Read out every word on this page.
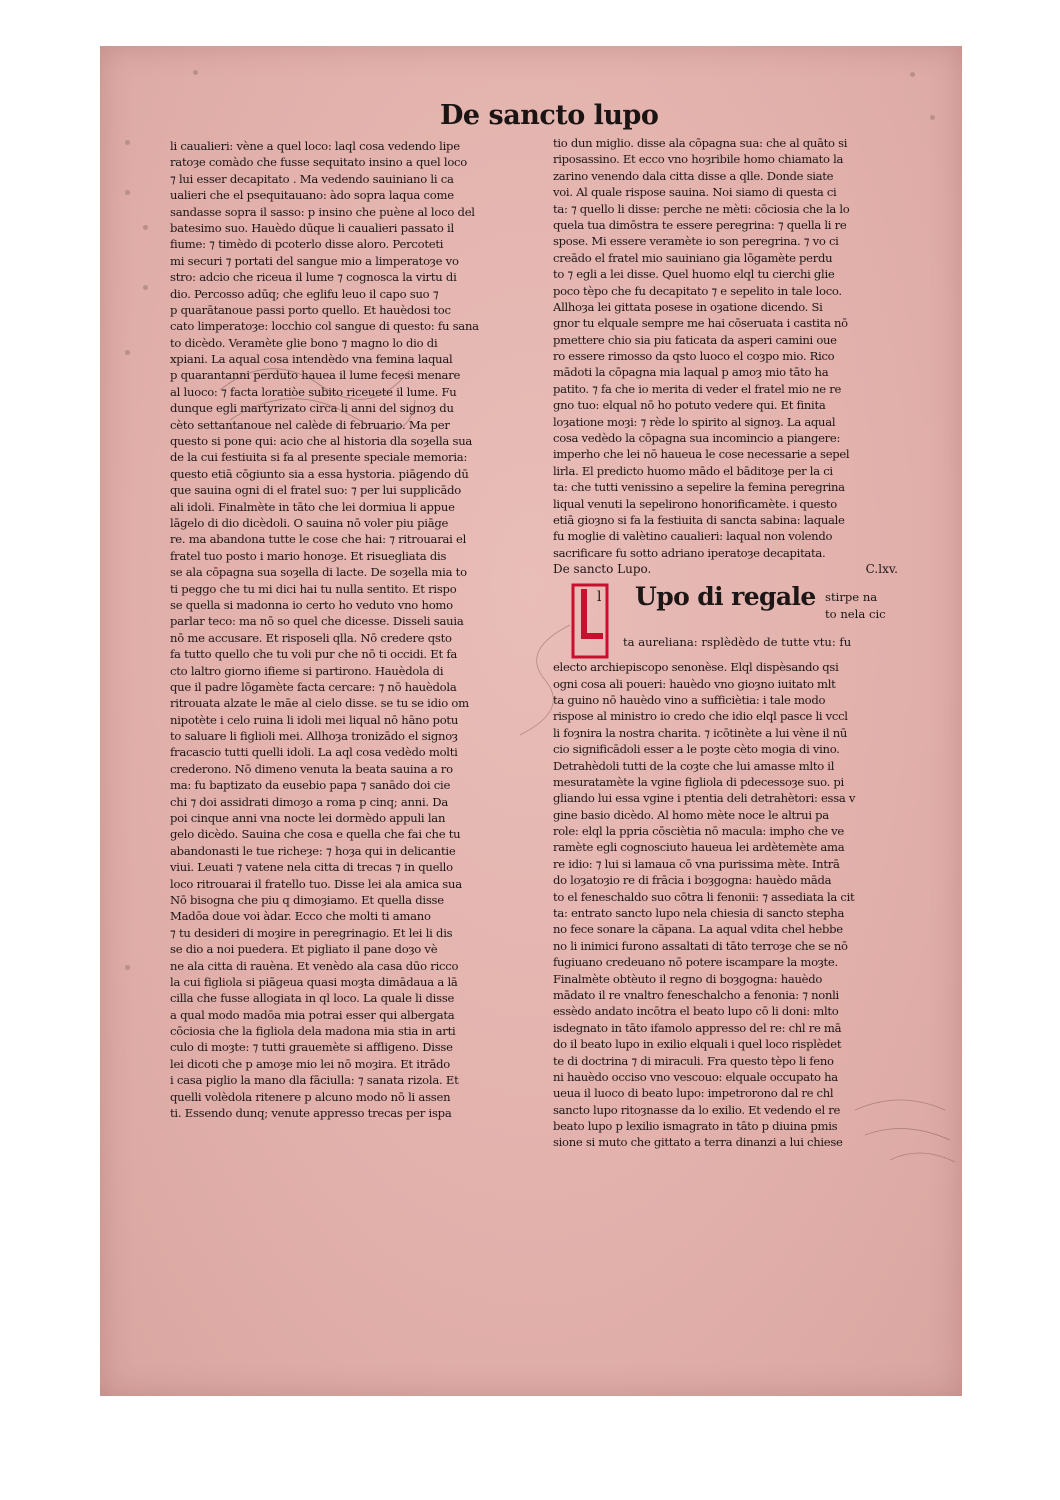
De sancto lupo
li caualieri: vène a quel loco: laql cosa vedendo lipe
ratoȝe comàdo che fusse sequitato insino a quel loco
⁊ lui esser decapitato . Ma vedendo sauiniano li ca
ualieri che el psequitauano: àdo sopra laqua come
sandasse sopra il sasso: p insino che puène al loco del
batesimo suo. Hauèdo dūque li caualieri passato il
fiume: ⁊ timèdo di pcoterlo disse aloro. Percoteti
mi securi ⁊ portati del sangue mio a limperatoȝe vo
stro: adcio che riceua il lume ⁊ cognosca la virtu di
dio. Percosso adūq; che eglifu leuo il capo suo ⁊
p quarātanoue passi porto quello. Et hauèdosi toc
cato limperatoȝe: locchio col sangue di questo: fu sana
to dicèdo. Veramète glie bono ⁊ magno lo dio di
xpiani. La aqual cosa intendèdo vna femina laqual
p quarantanni perduto hauea il lume fecesi menare
al luoco: ⁊ facta loratiòe subito riceuete il lume. Fu
dunque egli martyrizato circa li anni del signoȝ du
cèto settantanoue nel calède di februario. Ma per
questo si pone qui: acio che al historia dla soȝella sua
de la cui festiuita si fa al presente speciale memoria:
questo etiā cōgiunto sia a essa hystoria. piāgendo dū
que sauina ogni di el fratel suo: ⁊ per lui supplicādo
ali idoli. Finalmète in tāto che lei dormiua li appue
lāgelo di dio dicèdoli. O sauina nō voler piu piāge
re. ma abandona tutte le cose che hai: ⁊ ritrouarai el
fratel tuo posto i mario honoȝe. Et risuegliata dis
se ala cōpagna sua soȝella di lacte. De soȝella mia to
ti peggo che tu mi dici hai tu nulla sentito. Et rispo
se quella si madonna io certo ho veduto vno homo
parlar teco: ma nō so quel che dicesse. Disseli sauia
nō me accusare. Et risposeli qlla. Nō credere qsto
fa tutto quello che tu voli pur che nō ti occidi. Et fa
cto laltro giorno ifieme si partirono. Hauèdola di
que il padre lōgamète facta cercare: ⁊ nō hauèdola
ritrouata alzate le māe al cielo disse. se tu se idio om
nipotète i celo ruina li idoli mei liqual nō hāno potu
to saluare li figlioli mei. Allhoȝa tronizādo el signoȝ
fracascio tutti quelli idoli. La aql cosa vedèdo molti
crederono. Nō dimeno venuta la beata sauina a ro
ma: fu baptizato da eusebio papa ⁊ sanādo doi cie
chi ⁊ doi assidrati dimoȝo a roma p cinq; anni. Da
poi cinque anni vna nocte lei dormèdo appuli lan
gelo dicèdo. Sauina che cosa e quella che fai che tu
abandonasti le tue richeȝe: ⁊ hoȝa qui in delicantie
viui. Leuati ⁊ vatene nela citta di trecas ⁊ in quello
loco ritrouarai il fratello tuo. Disse lei ala amica sua
Nō bisogna che piu q dimoȝiamo. Et quella disse
Madōa doue voi àdar. Ecco che molti ti amano
⁊ tu desideri di moȝire in peregrinagio. Et lei li dis
se dio a noi puedera. Et pigliato il pane doȝo vè
ne ala citta di rauèna. Et venèdo ala casa dūo ricco
la cui figliola si piāgeua quasi moȝta dimādaua a lā
cilla che fusse allogiata in ql loco. La quale li disse
a qual modo madōa mia potrai esser qui albergata
cōciosia che la figliola dela madona mia stia in arti
culo di moȝte: ⁊ tutti grauemète si affligeno. Disse
lei dicoti che p amoȝe mio lei nō moȝira. Et itrādo
i casa piglio la mano dla fāciulla: ⁊ sanata rizola. Et
quelli volèdola ritenere p alcuno modo nō li assen
ti. Essendo dunq; venute appresso trecas per ispa
tio dun miglio. disse ala cōpagna sua: che al quāto si
riposassino. Et ecco vno hoȝribile homo chiamato la
zarino venendo dala citta disse a qlle. Donde siate
voi. Al quale rispose sauina. Noi siamo di questa ci
ta: ⁊ quello li disse: perche ne mèti: cōciosia che la lo
quela tua dimōstra te essere peregrina: ⁊ quella li re
spose. Mi essere veramète io son peregrina. ⁊ vo ci
creādo el fratel mio sauiniano gia lōgamète perdu
to ⁊ egli a lei disse. Quel huomo elql tu cierchi glie
poco tèpo che fu decapitato ⁊ e sepelito in tale loco.
Allhoȝa lei gittata posese in oȝatione dicendo. Si
gnor tu elquale sempre me hai cōseruata i castita nō
pmettere chio sia piu faticata da asperi camini oue
ro essere rimosso da qsto luoco el coȝpo mio. Rico
mādoti la cōpagna mia laqual p amoȝ mio tāto ha
patito. ⁊ fa che io merita di veder el fratel mio ne re
gno tuo: elqual nō ho potuto vedere qui. Et finita
loȝatione moȝi: ⁊ rède lo spirito al signoȝ. La aqual
cosa vedèdo la cōpagna sua incomincio a piangere:
imperho che lei nō haueua le cose necessarie a sepel
lirla. El predicto huomo mādo el bāditoȝe per la ci
ta: che tutti venissino a sepelire la femina peregrina
liqual venuti la sepelirono honorificamète. i questo
etiā gioȝno si fa la festiuita di sancta sabina: laquale
fu moglie di valètino caualieri: laqual non volendo
sacrificare fu sotto adriano iperatoȝe decapitata.
De sancto Lupo.	C.lxv.
l	Upo di regale stirpe na
to nela cic
ta aureliana: rsplèdèdo de tutte vtu: fu
electo archiepiscopo senonèse. Elql dispèsando qsi
ogni cosa ali poueri: hauèdo vno gioȝno iuitato mlt
ta guino nō hauèdo vino a sufficiètia: i tale modo
rispose al ministro io credo che idio elql pasce li vccl
li foȝnira la nostra charita. ⁊ icōtinète a lui vène il nū
cio significādoli esser a le poȝte cèto mogia di vino.
Detrahèdoli tutti de la coȝte che lui amasse mlto il
mesuratamète la vgine figliola di pdecessoȝe suo. pi
gliando lui essa vgine i ptentia deli detrahètori: essa v
gine basio dicèdo. Al homo mète noce le altrui pa
role: elql la ppria cōsciètia nō macula: impho che ve
ramète egli cognosciuto haueua lei ardètemète ama
re idio: ⁊ lui si lamaua cō vna purissima mète. Intrā
do loȝatoȝio re di frācia i boȝgogna: hauèdo māda
to el feneschaldo suo cōtra li fenonii: ⁊ assediata la cit
ta: entrato sancto lupo nela chiesia di sancto stepha
no fece sonare la cāpana. La aqual vdita chel hebbe
no li inimici furono assaltati di tāto terroȝe che se nō
fugiuano credeuano nō potere iscampare la moȝte.
Finalmète obtèuto il regno di boȝgogna: hauèdo
mādato il re vnaltro feneschalcho a fenonia: ⁊ nonli
essèdo andato incōtra el beato lupo cō li doni: mlto
isdegnato in tāto ifamolo appresso del re: chl re mā
do il beato lupo in exilio elquali i quel loco risplèdet
te di doctrina ⁊ di miraculi. Fra questo tèpo li feno
ni hauèdo occiso vno vescouo: elquale occupato ha
ueua il luoco di beato lupo: impetrorono dal re chl
sancto lupo ritoȝnasse da lo exilio. Et vedendo el re
beato lupo p lexilio ismagrato in tāto p diuina pmis
sione si muto che gittato a terra dinanzi a lui chiese
